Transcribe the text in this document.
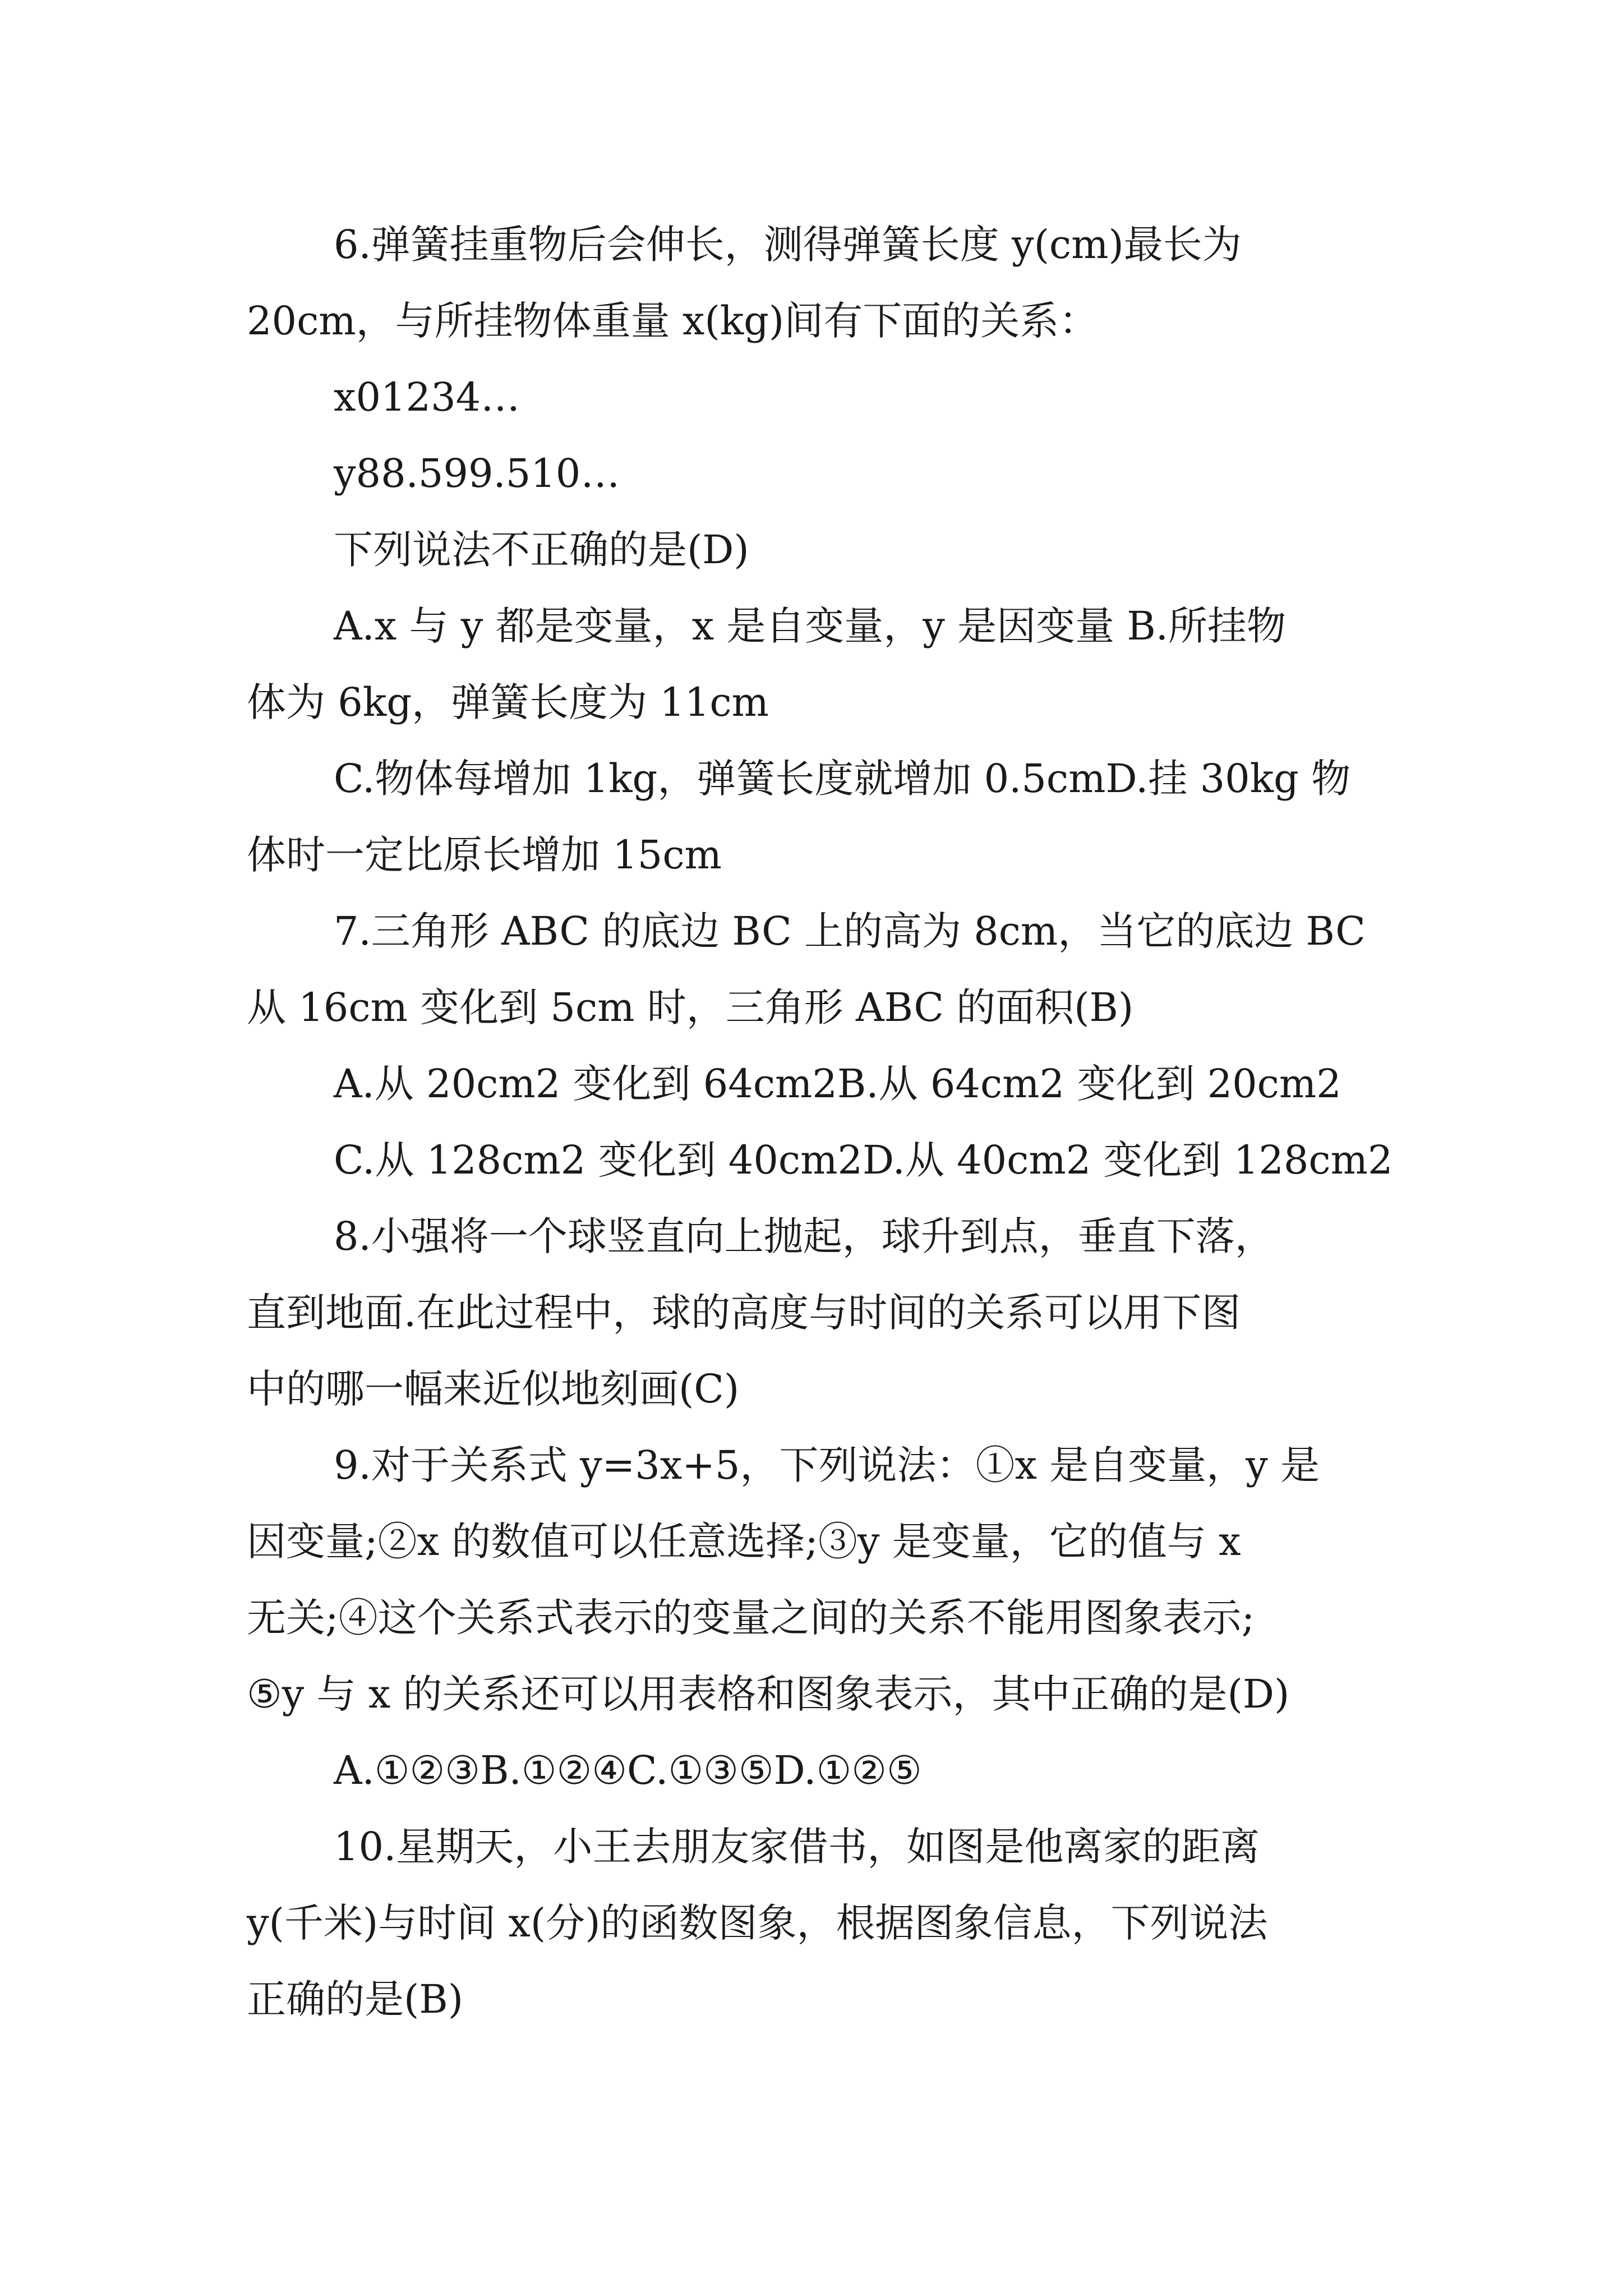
6.弹簧挂重物后会伸长，测得弹簧长度 y(cm)最长为
20cm，与所挂物体重量 x(kg)间有下面的关系：
x01234…
y88.599.510…
下列说法不正确的是(D)
A.x 与 y 都是变量，x 是自变量，y 是因变量 B.所挂物
体为 6kg，弹簧长度为 11cm
C.物体每增加 1kg，弹簧长度就增加 0.5cmD.挂 30kg 物
体时一定比原长增加 15cm
7.三角形 ABC 的底边 BC 上的高为 8cm，当它的底边 BC
从 16cm 变化到 5cm 时，三角形 ABC 的面积(B)
A.从 20cm2 变化到 64cm2B.从 64cm2 变化到 20cm2
C.从 128cm2 变化到 40cm2D.从 40cm2 变化到 128cm2
8.小强将一个球竖直向上抛起，球升到点，垂直下落，
直到地面.在此过程中，球的高度与时间的关系可以用下图
中的哪一幅来近似地刻画(C)
9.对于关系式 y=3x+5，下列说法：①x 是自变量，y 是
因变量;②x 的数值可以任意选择;③y 是变量，它的值与 x
无关;④这个关系式表示的变量之间的关系不能用图象表示;
⑤y 与 x 的关系还可以用表格和图象表示，其中正确的是(D)
A.①②③B.①②④C.①③⑤D.①②⑤
10.星期天，小王去朋友家借书，如图是他离家的距离
y(千米)与时间 x(分)的函数图象，根据图象信息，下列说法
正确的是(B)
